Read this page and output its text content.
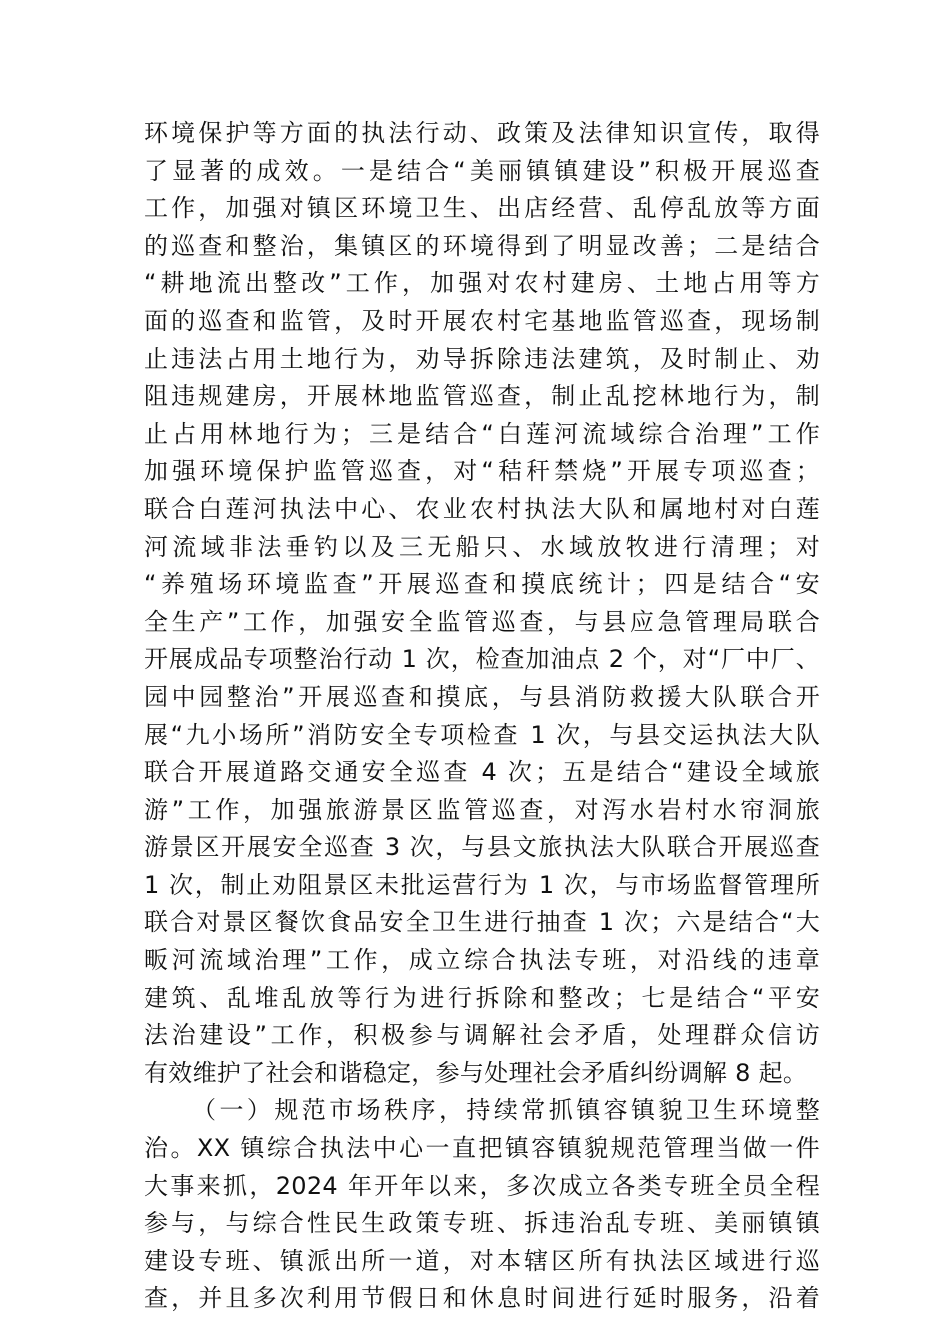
环境保护等方面的执法行动、政策及法律知识宣传，取得
了显著的成效。一是结合“美丽镇镇建设”积极开展巡查
工作，加强对镇区环境卫生、出店经营、乱停乱放等方面
的巡查和整治，集镇区的环境得到了明显改善；二是结合
“耕地流出整改”工作，加强对农村建房、土地占用等方
面的巡查和监管，及时开展农村宅基地监管巡查，现场制
止违法占用土地行为，劝导拆除违法建筑，及时制止、劝
阻违规建房，开展林地监管巡查，制止乱挖林地行为，制
止占用林地行为；三是结合“白莲河流域综合治理”工作
加强环境保护监管巡查，对“秸秆禁烧”开展专项巡查；
联合白莲河执法中心、农业农村执法大队和属地村对白莲
河流域非法垂钓以及三无船只、水域放牧进行清理；对
“养殖场环境监查”开展巡查和摸底统计；四是结合“安
全生产”工作，加强安全监管巡查，与县应急管理局联合
开展成品专项整治行动 1 次，检查加油点 2 个，对“厂中厂、
园中园整治”开展巡查和摸底，与县消防救援大队联合开
展“九小场所”消防安全专项检查 1 次，与县交运执法大队
联合开展道路交通安全巡查 4 次；五是结合“建设全域旅
游”工作，加强旅游景区监管巡查，对泻水岩村水帘洞旅
游景区开展安全巡查 3 次，与县文旅执法大队联合开展巡查
1 次，制止劝阻景区未批运营行为 1 次，与市场监督管理所
联合对景区餐饮食品安全卫生进行抽查 1 次；六是结合“大
畈河流域治理”工作，成立综合执法专班，对沿线的违章
建筑、乱堆乱放等行为进行拆除和整改；七是结合“平安
法治建设”工作，积极参与调解社会矛盾，处理群众信访
有效维护了社会和谐稳定，参与处理社会矛盾纠纷调解 8 起。
（一）规范市场秩序，持续常抓镇容镇貌卫生环境整
治。XX 镇综合执法中心一直把镇容镇貌规范管理当做一件
大事来抓，2024 年开年以来，多次成立各类专班全员全程
参与，与综合性民生政策专班、拆违治乱专班、美丽镇镇
建设专班、镇派出所一道，对本辖区所有执法区域进行巡
查，并且多次利用节假日和休息时间进行延时服务，沿着
